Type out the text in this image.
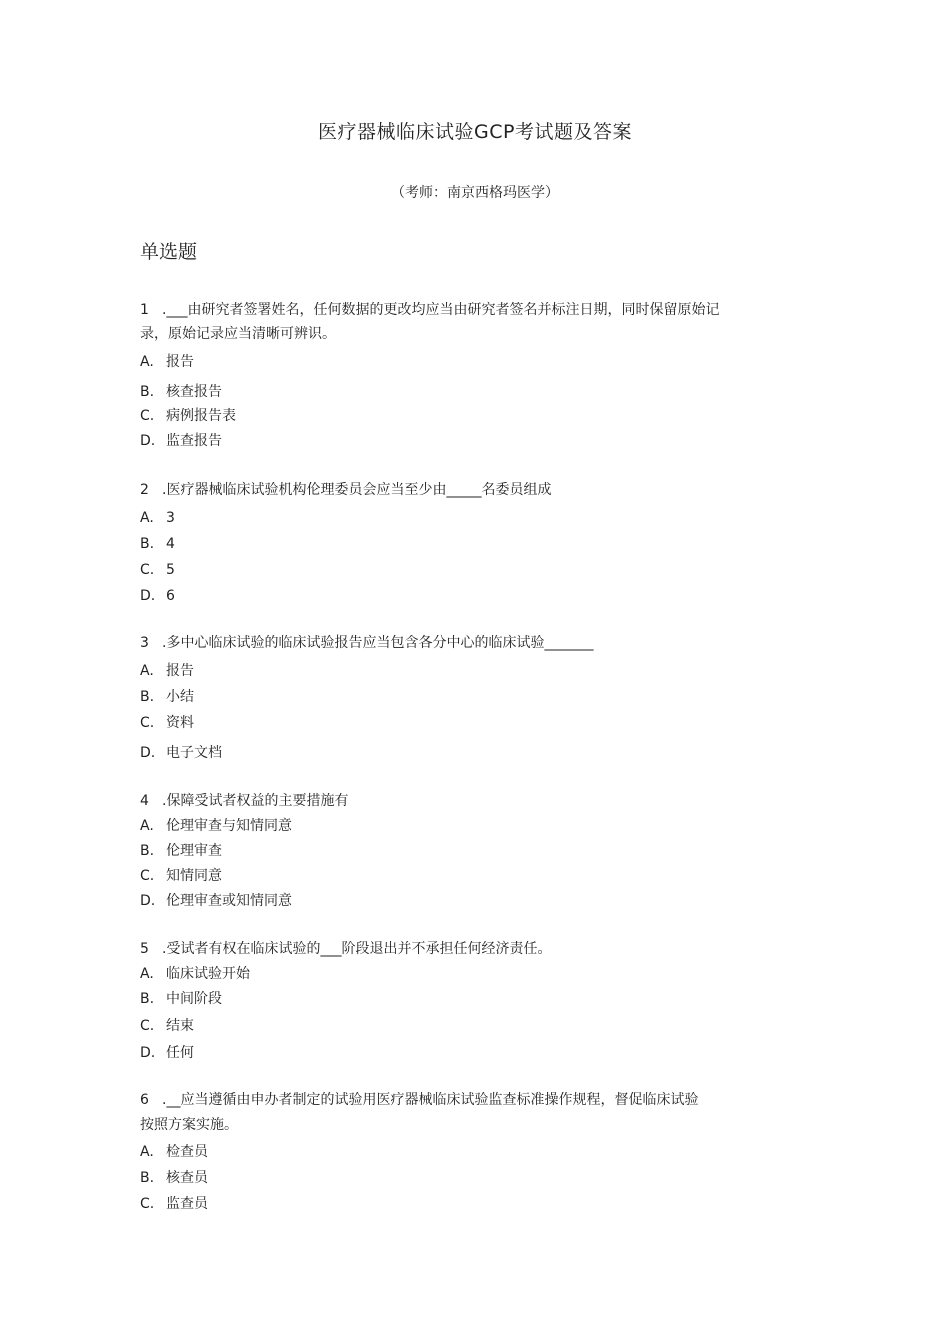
医疗器械临床试验GCP考试题及答案
（考师：南京西格玛医学）
单选题
1 .___由研究者签署姓名，任何数据的更改均应当由研究者签名并标注日期，同时保留原始记
录，原始记录应当清晰可辨识。
A. 报告
B. 核查报告
C. 病例报告表
D. 监查报告
2 .医疗器械临床试验机构伦理委员会应当至少由_____名委员组成
A. 3
B. 4
C. 5
D. 6
3 .多中心临床试验的临床试验报告应当包含各分中心的临床试验_______
A. 报告
B. 小结
C. 资料
D. 电子文档
4 .保障受试者权益的主要措施有
A. 伦理审查与知情同意
B. 伦理审查
C. 知情同意
D. 伦理审查或知情同意
5 .受试者有权在临床试验的___阶段退出并不承担任何经济责任。
A. 临床试验开始
B. 中间阶段
C. 结束
D. 任何
6 .__应当遵循由申办者制定的试验用医疗器械临床试验监查标准操作规程，督促临床试验
按照方案实施。
A. 检查员
B. 核查员
C. 监查员
